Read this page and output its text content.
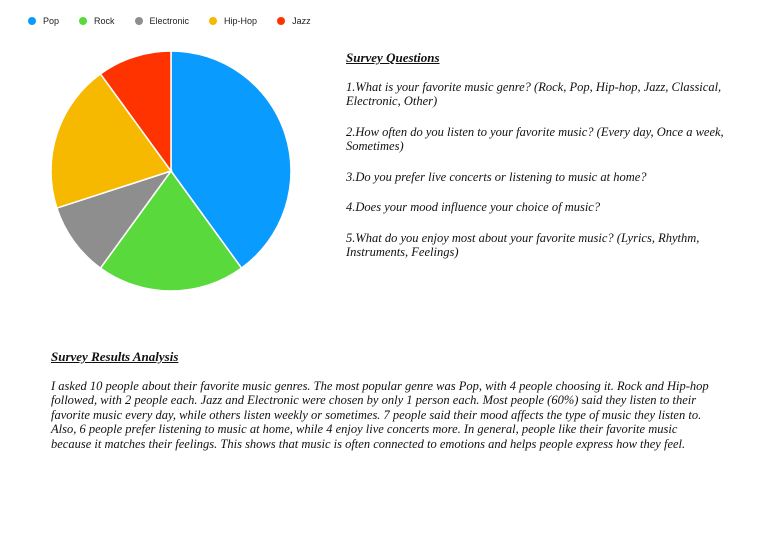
Pop	Rock	Electronic	Hip-Hop	Jazz
Survey Questions
1.What is your favorite music genre? (Rock, Pop, Hip-hop, Jazz, Classical, Electronic, Other)
2.How often do you listen to your favorite music? (Every day, Once a week, Sometimes)
3.Do you prefer live concerts or listening to music at home?
4.Does your mood influence your choice of music?
5.What do you enjoy most about your favorite music? (Lyrics, Rhythm, Instruments, Feelings)
Survey Results Analysis

I asked 10 people about their favorite music genres. The most popular genre was Pop, with 4 people choosing it. Rock and Hip-hop followed, with 2 people each. Jazz and Electronic were chosen by only 1 person each. Most people (60%) said they listen to their favorite music every day, while others listen weekly or sometimes. 7 people said their mood affects the type of music they listen to. Also, 6 people prefer listening to music at home, while 4 enjoy live concerts more. In general, people like their favorite music because it matches their feelings. This shows that music is often connected to emotions and helps people express how they feel.
